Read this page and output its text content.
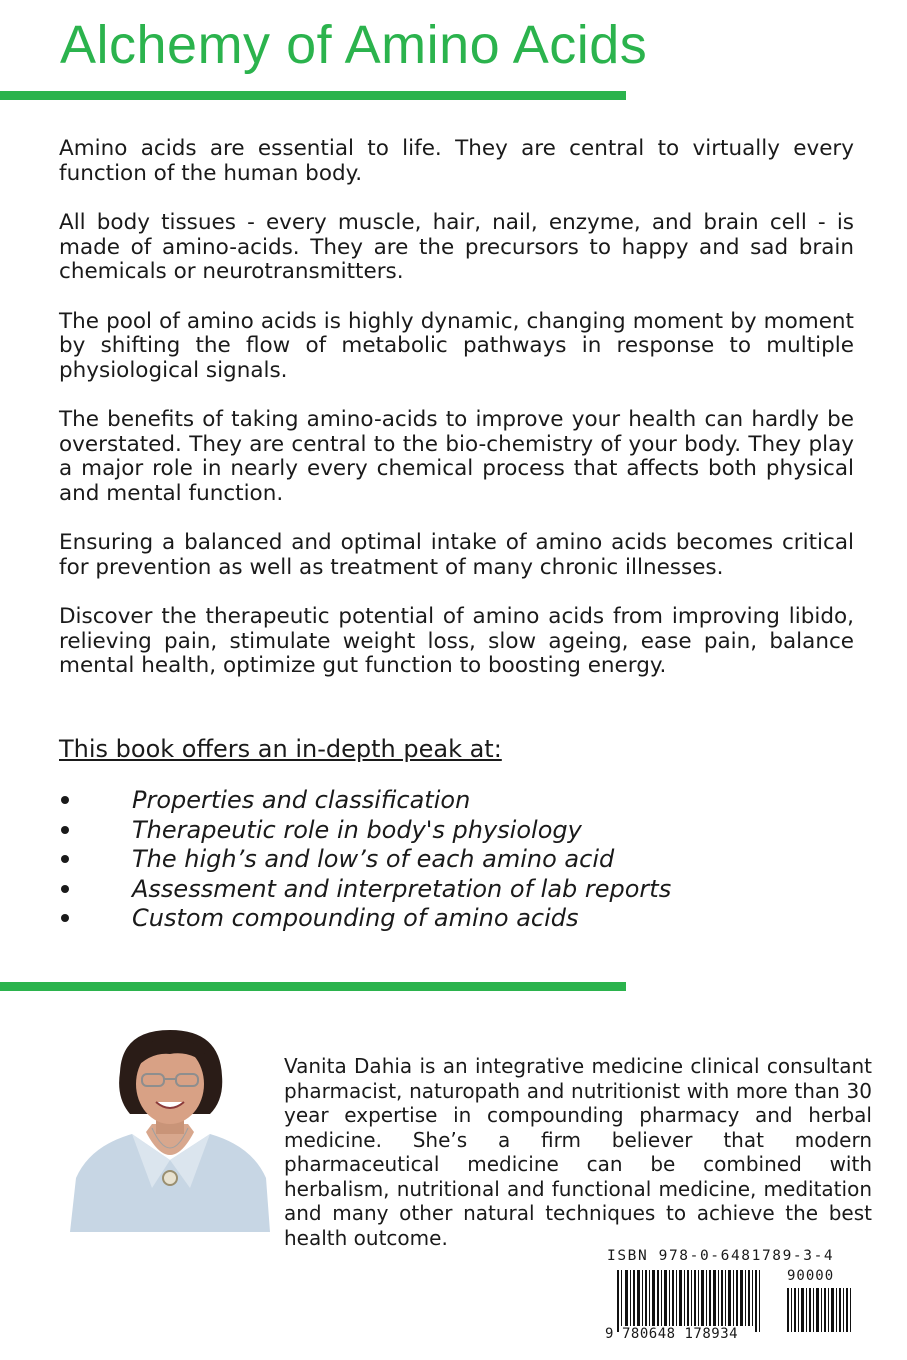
Alchemy of Amino Acids

Amino acids are essential to life. They are central to virtually every function of the human body.

All body tissues - every muscle, hair, nail, enzyme, and brain cell - is made of amino-acids. They are the precursors to happy and sad brain chemicals or neurotransmitters.

The pool of amino acids is highly dynamic, changing moment by moment by shifting the flow of metabolic pathways in response to multiple physiological signals.

The benefits of taking amino-acids to improve your health can hardly be overstated. They are central to the bio-chemistry of your body. They play a major role in nearly every chemical process that affects both physical and mental function.

Ensuring a balanced and optimal intake of amino acids becomes critical for prevention as well as treatment of many chronic illnesses.

Discover the therapeutic potential of amino acids from improving libido, relieving pain, stimulate weight loss, slow ageing, ease pain, balance mental health, optimize gut function to boosting energy.

This book offers an in-depth peak at:
Properties and classification
Therapeutic role in body's physiology
The high’s and low’s of each amino acid
Assessment and interpretation of lab reports
Custom compounding of amino acids
Vanita Dahia is an integrative medicine clinical consultant pharmacist, naturopath and nutritionist with more than 30 year expertise in compounding pharmacy and herbal medicine. She’s a firm believer that modern pharmaceutical medicine can be combined with herbalism, nutritional and functional medicine, meditation and many other natural techniques to achieve the best health outcome.
ISBN 978-0-6481789-3-4
90000
9 780648 178934
